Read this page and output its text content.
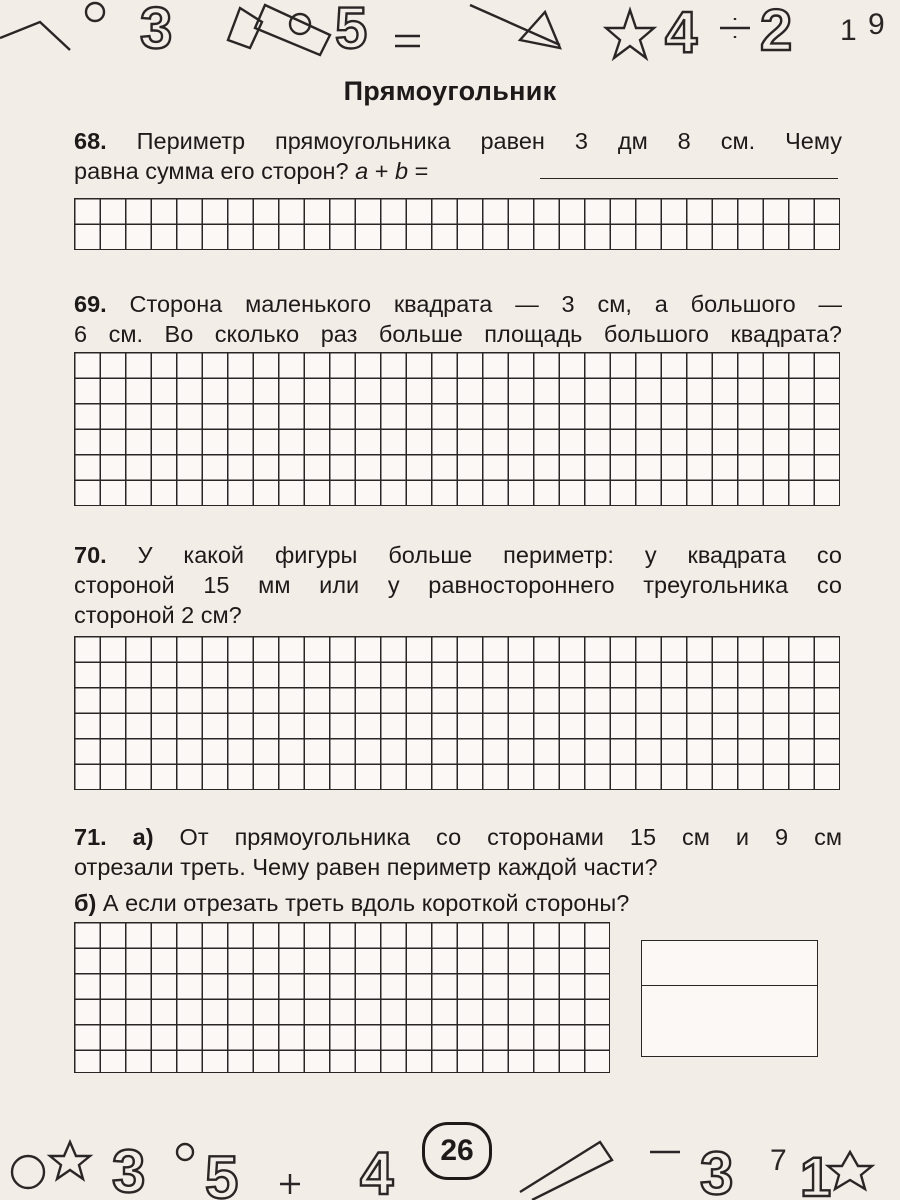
3	5	4 2 1 9
Прямоугольник
68. Периметр прямоугольника равен 3 дм 8 см. Чему
равна сумма его сторон? a + b =
69. Сторона маленького квадрата — 3 см, а большого —
6 см. Во сколько раз больше площадь большого квадрата?
70. У какой фигуры больше периметр: у квадрата со
стороной 15 мм или у равностороннего треугольника со
стороной 2 см?
71. а) От прямоугольника со сторонами 15 см и 9 см
отрезали треть. Чему равен периметр каждой части?
б) А если отрезать треть вдоль короткой стороны?
3 5 4	3 7 1
26
